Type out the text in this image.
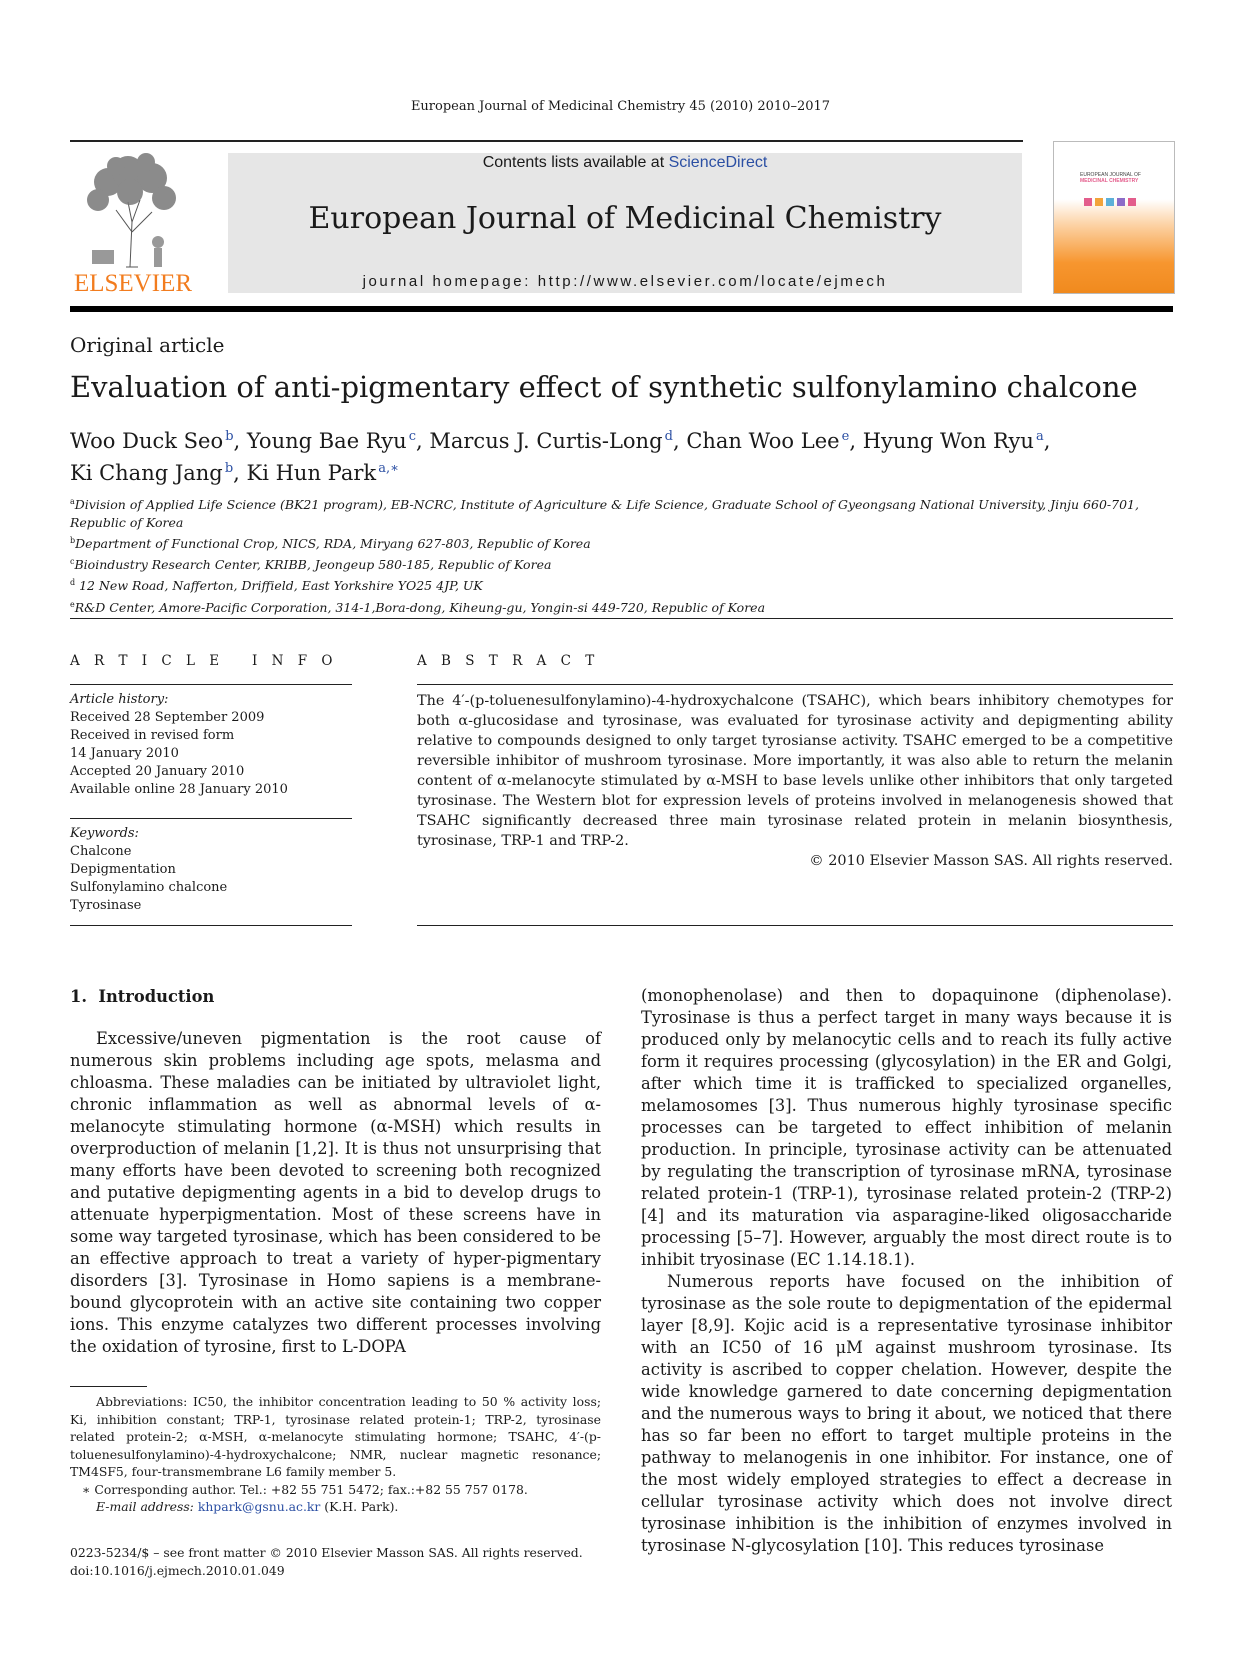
European Journal of Medicinal Chemistry 45 (2010) 2010–2017
ELSEVIER
Contents lists available at ScienceDirect
European Journal of Medicinal Chemistry
journal homepage: http://www.elsevier.com/locate/ejmech
EUROPEAN JOURNAL OF
MEDICINAL CHEMISTRY
Original article
Evaluation of anti-pigmentary effect of synthetic sulfonylamino chalcone
Woo Duck Seo  $^b$, Young Bae Ryu  $^c$, Marcus J. Curtis-Long  $^d$, Chan Woo Lee  $^e$, Hyung Won Ryu  $^a$,
Ki Chang Jang  $^b$, Ki Hun Park  $^{a,∗}$
$^a$Division of Applied Life Science (BK21 program), EB-NCRC, Institute of Agriculture & Life Science, Graduate School of Gyeongsang National University, Jinju 660-701, Republic of Korea
$^b$Department of Functional Crop, NICS, RDA, Miryang 627-803, Republic of Korea
$^c$Bioindustry Research Center, KRIBB, Jeongeup 580-185, Republic of Korea
$^d$ 12 New Road, Nafferton, Driffield, East Yorkshire YO25 4JP, UK
$^e$R&D Center, Amore-Pacific Corporation, 314-1,Bora-dong, Kiheung-gu, Yongin-si 449-720, Republic of Korea
A R T I C L E   I N F O	A B S T R A C T
Article history:
Received 28 September 2009
Received in revised form
14 January 2010
Accepted 20 January 2010
Available online 28 January 2010
Keywords:
Chalcone
Depigmentation
Sulfonylamino chalcone
Tyrosinase
The 4′-(p-toluenesulfonylamino)-4-hydroxychalcone (TSAHC), which bears inhibitory chemotypes for both α-glucosidase and tyrosinase, was evaluated for tyrosinase activity and depigmenting ability relative to compounds designed to only target tyrosianse activity. TSAHC emerged to be a competitive reversible inhibitor of mushroom tyrosinase. More importantly, it was also able to return the melanin content of α-melanocyte stimulated by α-MSH to base levels unlike other inhibitors that only targeted tyrosinase. The Western blot for expression levels of proteins involved in melanogenesis showed that TSAHC significantly decreased three main tyrosinase related protein in melanin biosynthesis, tyrosinase, TRP-1 and TRP-2.
© 2010 Elsevier Masson SAS. All rights reserved.
1.  Introduction

Excessive/uneven pigmentation is the root cause of numerous skin problems including age spots, melasma and chloasma. These maladies can be initiated by ultraviolet light, chronic inflammation as well as abnormal levels of α-melanocyte stimulating hormone (α-MSH) which results in overproduction of melanin [1,2]. It is thus not unsurprising that many efforts have been devoted to screening both recognized and putative depigmenting agents in a bid to develop drugs to attenuate hyperpigmentation. Most of these screens have in some way targeted tyrosinase, which has been considered to be an effective approach to treat a variety of hyper-pigmentary disorders [3]. Tyrosinase in Homo sapiens is a membrane-bound glycoprotein with an active site containing two copper ions. This enzyme catalyzes two different processes involving the oxidation of tyrosine, first to L-DOPA

(monophenolase) and then to dopaquinone (diphenolase). Tyrosinase is thus a perfect target in many ways because it is produced only by melanocytic cells and to reach its fully active form it requires processing (glycosylation) in the ER and Golgi, after which time it is trafficked to specialized organelles, melamosomes [3]. Thus numerous highly tyrosinase specific processes can be targeted to effect inhibition of melanin production. In principle, tyrosinase activity can be attenuated by regulating the transcription of tyrosinase mRNA, tyrosinase related protein-1 (TRP-1), tyrosinase related protein-2 (TRP-2) [4] and its maturation via asparagine-liked oligosaccharide processing [5–7]. However, arguably the most direct route is to inhibit tryosinase (EC 1.14.18.1).

Numerous reports have focused on the inhibition of tyrosinase as the sole route to depigmentation of the epidermal layer [8,9]. Kojic acid is a representative tyrosinase inhibitor with an IC50 of 16 μM against mushroom tyrosinase. Its activity is ascribed to copper chelation. However, despite the wide knowledge garnered to date concerning depigmentation and the numerous ways to bring it about, we noticed that there has so far been no effort to target multiple proteins in the pathway to melanogenis in one inhibitor. For instance, one of the most widely employed strategies to effect a decrease in cellular tyrosinase activity which does not involve direct tyrosinase inhibition is the inhibition of enzymes involved in tyrosinase N-glycosylation [10]. This reduces tyrosinase

Abbreviations: IC50, the inhibitor concentration leading to 50 % activity loss; Ki, inhibition constant; TRP-1, tyrosinase related protein-1; TRP-2, tyrosinase related protein-2; α-MSH, α-melanocyte stimulating hormone; TSAHC, 4′-(p-toluenesulfonylamino)-4-hydroxychalcone; NMR, nuclear magnetic resonance; TM4SF5, four-transmembrane L6 family member 5.

∗ Corresponding author. Tel.: +82 55 751 5472; fax.:+82 55 757 0178.

E-mail address: khpark@gsnu.ac.kr (K.H. Park).

0223-5234/$ – see front matter © 2010 Elsevier Masson SAS. All rights reserved.
doi:10.1016/j.ejmech.2010.01.049
